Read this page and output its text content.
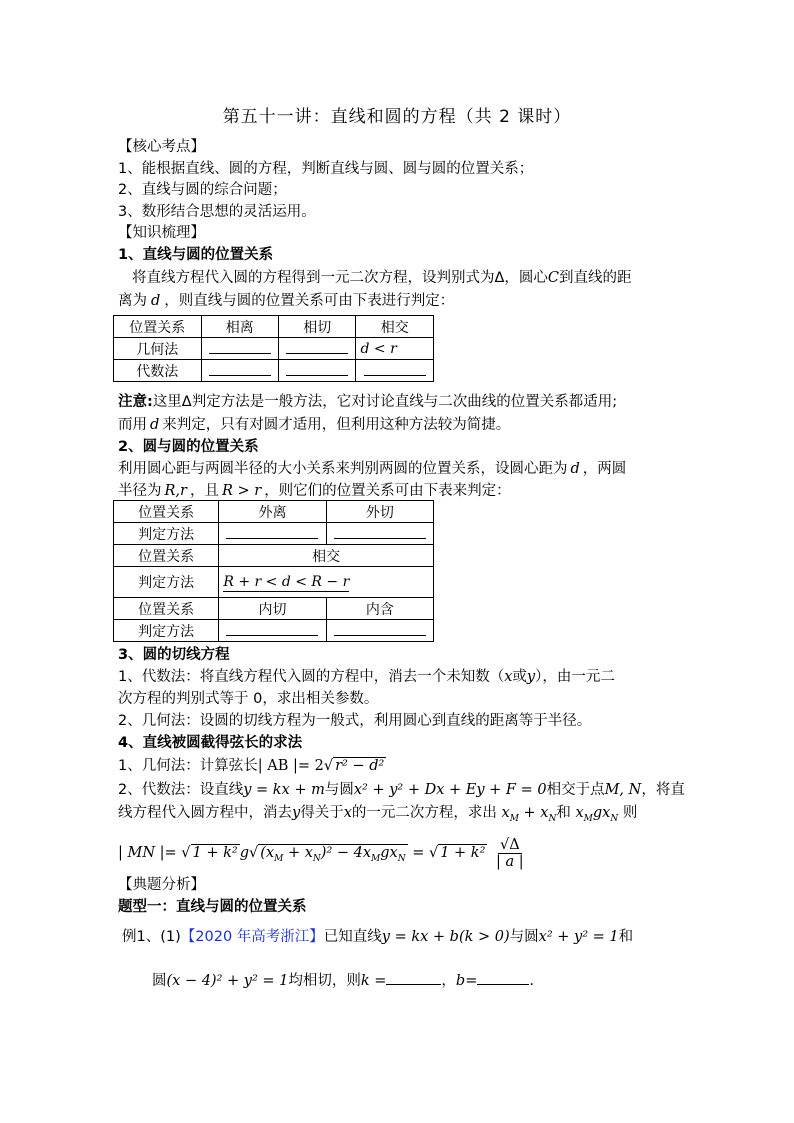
第五十一讲：直线和圆的方程（共 2 课时）
【核心考点】
1、能根据直线、圆的方程，判断直线与圆、圆与圆的位置关系；
2、直线与圆的综合问题；
3、数形结合思想的灵活运用。
【知识梳理】
1、直线与圆的位置关系
将直线方程代入圆的方程得到一元二次方程，设判别式为Δ，圆心C到直线的距
离为 d ，则直线与圆的位置关系可由下表进行判定：
位置关系	相离	相切	相交
几何法			d < r
代数法			
注意:这里Δ判定方法是一般方法，它对讨论直线与二次曲线的位置关系都适用;
而用 d 来判定，只有对圆才适用，但利用这种方法较为简捷。
2、圆与圆的位置关系
利用圆心距与两圆半径的大小关系来判别两圆的位置关系，设圆心距为 d ，两圆
半径为 R,r ，且 R > r ，则它们的位置关系可由下表来判定：
位置关系	外离	外切
判定方法		
位置关系	相交	
判定方法	R + r < d < R − r	
位置关系	内切	内含
判定方法		
3、圆的切线方程
1、代数法：将直线方程代入圆的方程中，消去一个未知数（x或y），由一元二
次方程的判别式等于 0，求出相关参数。
2、几何法：设圆的切线方程为一般式，利用圆心到直线的距离等于半径。
4、直线被圆截得弦长的求法
1、几何法：计算弦长| AB |= 2√ r² − d²
2、代数法：设直线y = kx + m与圆x² + y² + Dx + Ey + F = 0相交于点M, N，将直
线方程代入圆方程中，消去y得关于x的一元二次方程，求出 $x_M + x_N$和 $x_Mgx_N$ 则
| MN |= √ 1 + k² g√ $(x_M + x_N)^2 - 4x_Mgx_N$ = √ $1 + k^2 \frac{√\Delta}{| a |}$
【典题分析】
题型一：直线与圆的位置关系
例1、(1)【2020 年高考浙江】已知直线y = kx + b(k > 0)与圆x² + y² = 1和
圆(x − 4)² + y² = 1均相切，则k =	，b=	.
